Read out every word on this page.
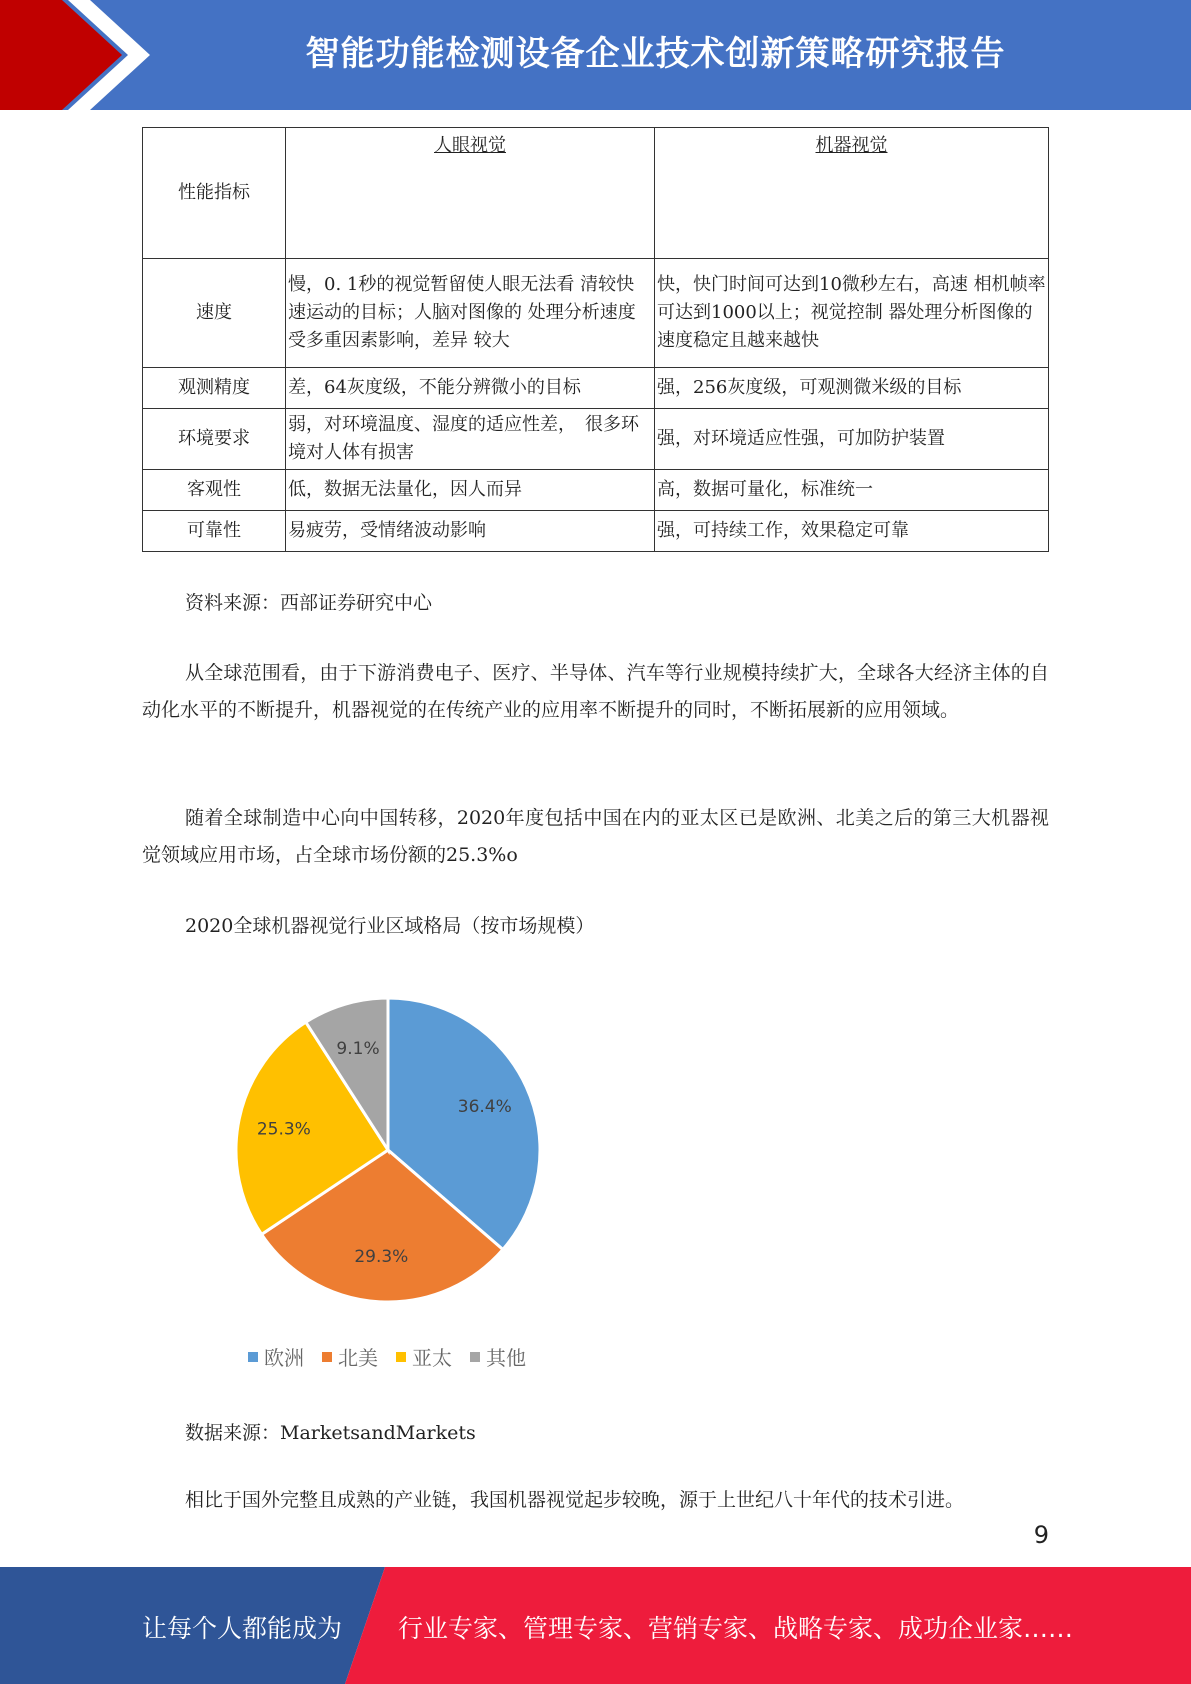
智能功能检测设备企业技术创新策略研究报告
性能指标	人眼视觉	机器视觉
速度	慢，0. 1秒的视觉暂留使人眼无法看 清较快速运动的目标；人脑对图像的 处理分析速度受多重因素影响，差异 较大	快，快门时间可达到10微秒左右，高速 相机帧率可达到1000以上；视觉控制 器处理分析图像的速度稳定且越来越快
观测精度	差，64灰度级，不能分辨微小的目标	强，256灰度级，可观测微米级的目标
环境要求	弱，对环境温度、湿度的适应性差，　很多环境对人体有损害	强，对环境适应性强，可加防护装置
客观性	低，数据无法量化，因人而异	高，数据可量化，标准统一
可靠性	易疲劳，受情绪波动影响	强，可持续工作，效果稳定可靠

资料来源：西部证券研究中心

从全球范围看，由于下游消费电子、医疗、半导体、汽车等行业规模持续扩大，全球各大经济主体的自动化水平的不断提升，机器视觉的在传统产业的应用率不断提升的同时，不断拓展新的应用领域。

随着全球制造中心向中国转移，2020年度包括中国在内的亚太区已是欧洲、北美之后的第三大机器视觉领域应用市场，占全球市场份额的25.3%o

2020全球机器视觉行业区域格局（按市场规模）

36.4%
29.3%
25.3%
9.1%
欧洲 北美 亚太 其他

数据来源：MarketsandMarkets

相比于国外完整且成熟的产业链，我国机器视觉起步较晚，源于上世纪八十年代的技术引进。

9
让每个人都能成为 行业专家、管理专家、营销专家、战略专家、成功企业家……
